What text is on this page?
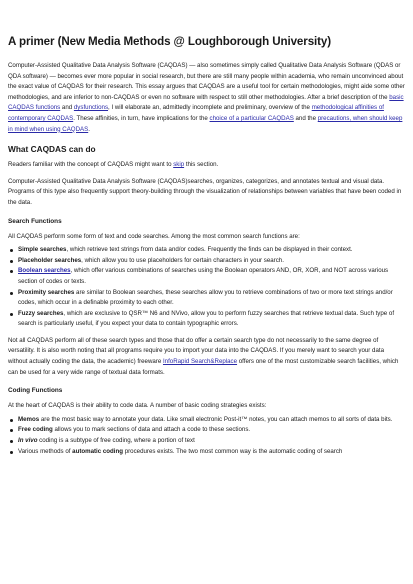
A primer (New Media Methods @ Loughborough University)

Computer-Assisted Qualitative Data Analysis Software (CAQDAS) — also sometimes simply called Qualitative Data Analysis Software (QDAS or QDA software) — becomes ever more popular in social research, but there are still many people within academia, who remain unconvinced about the exact value of CAQDAS for their research. This essay argues that CAQDAS are a useful tool for certain methodologies, might aide some other methodologies, and are inferior to non-CAQDAS or even no software with respect to still other methodologies. After a brief description of the basic CAQDAS functions and dysfunctions, I will elaborate an, admittedly incomplete and preliminary, overview of the methodological affinities of contemporary CAQDAS. These affinities, in turn, have implications for the choice of a particular CAQDAS and the precautions, when should keep in mind when using CAQDAS.

What CAQDAS can do

Readers familiar with the concept of CAQDAS might want to skip this section.

Computer-Assisted Qualitative Data Analysis Software (CAQDAS)searches, organizes, categorizes, and annotates textual and visual data. Programs of this type also frequently support theory-building through the visualization of relationships between variables that have been coded in the data.

Search Functions

All CAQDAS perform some form of text and code searches. Among the most common search functions are:

Simple searches, which retrieve text strings from data and/or codes. Frequently the finds can be displayed in their context.
Placeholder searches, which allow you to use placeholders for certain characters in your search.
Boolean searches, which offer various combinations of searches using the Boolean operators AND, OR, XOR, and NOT across various section of codes or texts.
Proximity searches are similar to Boolean searches, these searches allow you to retrieve combinations of two or more text strings and/or codes, which occur in a definable proximity to each other.
Fuzzy searches, which are exclusive to QSR™ N6 and NVivo, allow you to perform fuzzy searches that retrieve textual data. Such type of search is particularly useful, if you expect your data to contain typographic errors.

Not all CAQDAS perform all of these search types and those that do offer a certain search type do not necessarily to the same degree of versatility. It is also worth noting that all programs require you to import your data into the CAQDAS. If you merely want to search your data without actually coding the data, the academic) freeware InfoRapid Search&Replace offers one of the most customizable search facilities, which can be used for a very wide range of textual data formats.

Coding Functions

At the heart of CAQDAS is their ability to code data. A number of basic coding strategies exists:

Memos are the most basic way to annotate your data. Like small electronic Post-it™ notes, you can attach memos to all sorts of data bits.
Free coding allows you to mark sections of data and attach a code to these sections.
In vivo coding is a subtype of free coding, where a portion of text
Various methods of automatic coding procedures exists. The two most common way is the automatic coding of search
